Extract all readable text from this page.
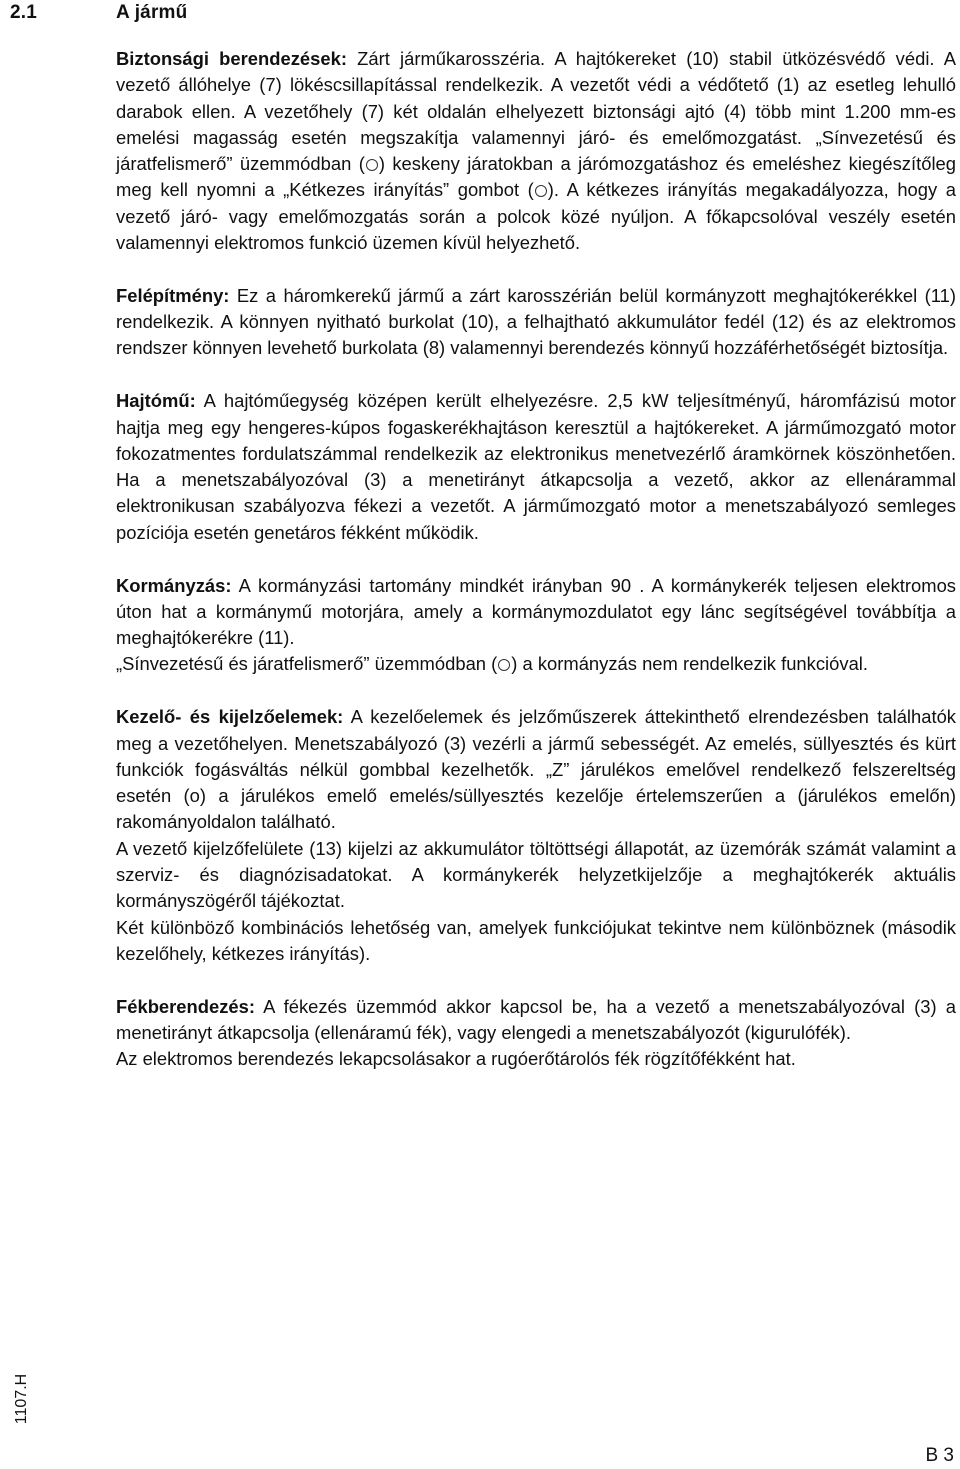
2.1	A jármű

Biztonsági berendezések: Zárt járműkarosszéria. A hajtókereket (10) stabil ütközésvédő védi. A vezető állóhelye (7) lökéscsillapítással rendelkezik. A vezetőt védi a védőtető (1) az esetleg lehulló darabok ellen. A vezetőhely (7) két oldalán elhelyezett biztonsági ajtó (4) több mint 1.200 mm-es emelési magasság esetén megszakítja valamennyi járó- és emelőmozgatást. „Sínvezetésű és járatfelismerő” üzemmódban ( ) keskeny járatokban a járómozgatáshoz és emeléshez kiegészítőleg meg kell nyomni a „Kétkezes irányítás” gombot ( ). A kétkezes irányítás megakadályozza, hogy a vezető járó- vagy emelőmozgatás során a polcok közé nyúljon. A főkapcsolóval veszély esetén valamennyi elektromos funkció üzemen kívül helyezhető.

Felépítmény: Ez a háromkerekű jármű a zárt karosszérián belül kormányzott meghajtókerékkel (11) rendelkezik. A könnyen nyitható burkolat (10), a felhajtható akkumulátor fedél (12) és az elektromos rendszer könnyen levehető burkolata (8) valamennyi berendezés könnyű hozzáférhetőségét biztosítja.

Hajtómű: A hajtóműegység középen került elhelyezésre. 2,5 kW teljesítményű, háromfázisú motor hajtja meg egy hengeres-kúpos fogaskerékhajtáson keresztül a hajtókereket. A járműmozgató motor fokozatmentes fordulatszámmal rendelkezik az elektronikus menetvezérlő áramkörnek köszönhetően. Ha a menetszabályozóval (3) a menetirányt átkapcsolja a vezető, akkor az ellenárammal elektronikusan szabályozva fékezi a vezetőt. A járműmozgató motor a menetszabályozó semleges pozíciója esetén genetáros fékként működik.

Kormányzás: A kormányzási tartomány mindkét irányban 90 . A kormánykerék teljesen elektromos úton hat a kormánymű motorjára, amely a kormánymozdulatot egy lánc segítségével továbbítja a meghajtókerékre (11).

„Sínvezetésű és járatfelismerő” üzemmódban ( ) a kormányzás nem rendelkezik funkcióval.

Kezelő- és kijelzőelemek: A kezelőelemek és jelzőműszerek áttekinthető elrendezésben találhatók meg a vezetőhelyen. Menetszabályozó (3) vezérli a jármű sebességét. Az emelés, süllyesztés és kürt funkciók fogásváltás nélkül gombbal kezelhetők. „Z” járulékos emelővel rendelkező felszereltség esetén (o) a járulékos emelő emelés/süllyesztés kezelője értelemszerűen a (járulékos emelőn) rakományoldalon található.

A vezető kijelzőfelülete (13) kijelzi az akkumulátor töltöttségi állapotát, az üzemórák számát valamint a szerviz- és diagnózisadatokat. A kormánykerék helyzetkijelzője a meghajtókerék aktuális kormányszögéről tájékoztat.

Két különböző kombinációs lehetőség van, amelyek funkciójukat tekintve nem különböznek (második kezelőhely, kétkezes irányítás).

Fékberendezés: A fékezés üzemmód akkor kapcsol be, ha a vezető a menetszabályozóval (3) a menetirányt átkapcsolja (ellenáramú fék), vagy elengedi a menetszabályozót (kigurulófék).

Az elektromos berendezés lekapcsolásakor a rugóerőtárolós fék rögzítőfékként hat.

1107.H
B 3
